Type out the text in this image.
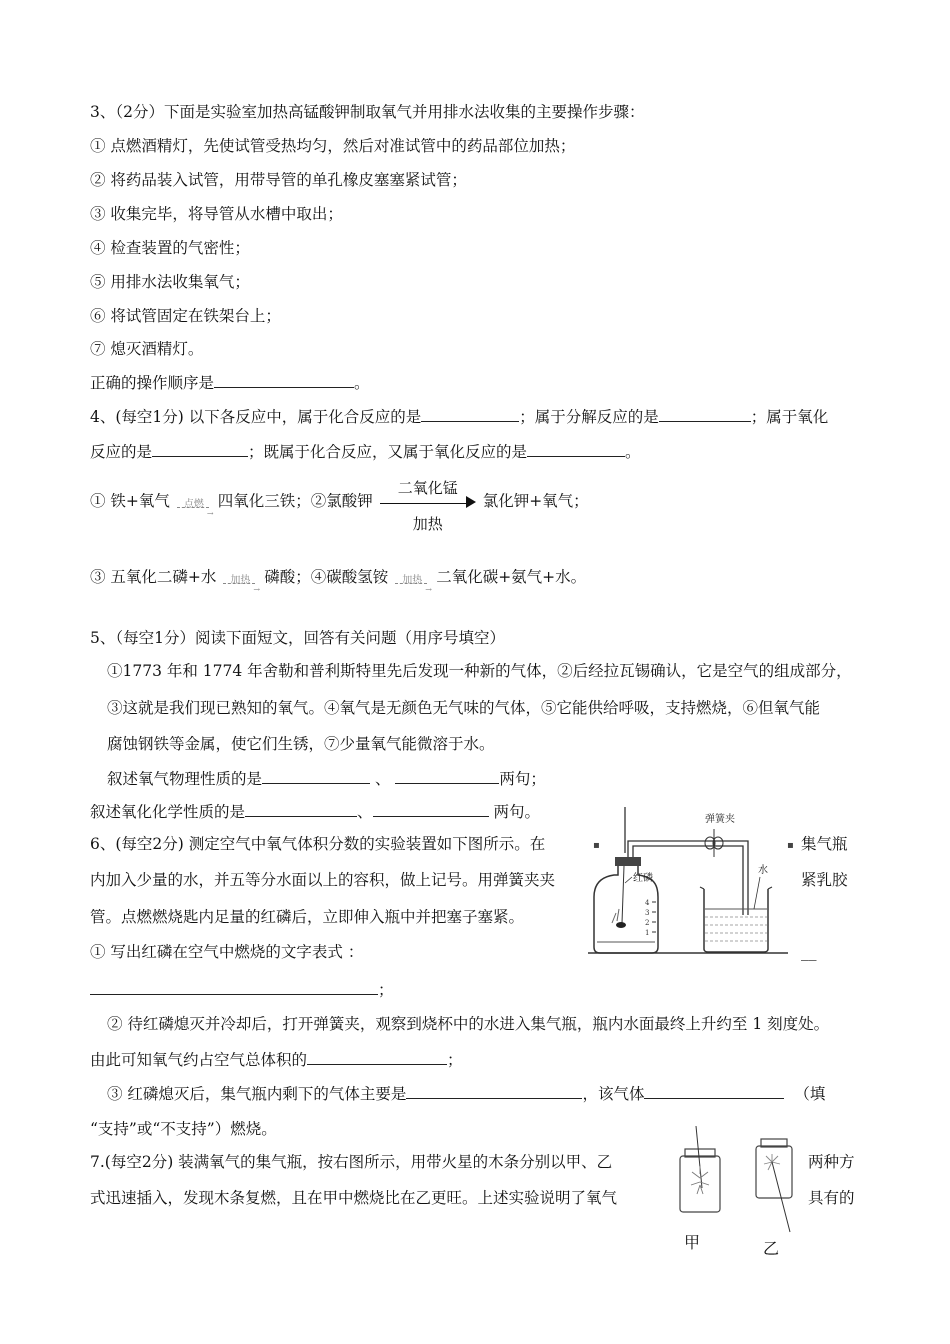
3、（2分）下面是实验室加热高锰酸钾制取氧气并用排水法收集的主要操作步骤：
① 点燃酒精灯，先使试管受热均匀，然后对准试管中的药品部位加热；
② 将药品装入试管，用带导管的单孔橡皮塞塞紧试管；
③ 收集完毕，将导管从水槽中取出；
④ 检查装置的气密性；
⑤ 用排水法收集氧气；
⑥ 将试管固定在铁架台上；
⑦ 熄灭酒精灯。
正确的操作顺序是	。
4、(每空1分) 以下各反应中，属于化合反应的是	；属于分解反应的是	；属于氧化
反应的是	；既属于化合反应，又属于氧化反应的是	。
① 铁+氧气	点燃
→
四氧化三铁；②氯酸钾
二氧化锰
加热
氯化钾+氧气；
③ 五氧化二磷+水	加热
→
磷酸；④碳酸氢铵	加热
→
二氧化碳+氨气+水。
5、（每空1分）阅读下面短文，回答有关问题（用序号填空）
①1773 年和 1774 年舍勒和普利斯特里先后发现一种新的气体，②后经拉瓦锡确认，它是空气的组成部分，
③这就是我们现已熟知的氧气。④氧气是无颜色无气味的气体，⑤它能供给呼吸，支持燃烧，⑥但氧气能
腐蚀钢铁等金属，使它们生锈，⑦少量氧气能微溶于水。
叙述氧气物理性质的是	、	两句；
叙述氧化化学性质的是	、	两句。
6、(每空2分) 测定空气中氧气体积分数的实验装置如下图所示。在	集气瓶
内加入少量的水，并五等分水面以上的容积，做上记号。用弹簧夹夹	紧乳胶
管。点燃燃烧匙内足量的红磷后，立即伸入瓶中并把塞子塞紧。
① 写出红磷在空气中燃烧的文字表式 ：	__
；
② 待红磷熄灭并冷却后，打开弹簧夹，观察到烧杯中的水进入集气瓶，瓶内水面最终上升约至 1 刻度处。
由此可知氧气约占空气总体积的	；
③ 红磷熄灭后，集气瓶内剩下的气体主要是	，该气体	（填
“支持”或“不支持”）燃烧。
弹簧夹
红磷
4
3
2
1
水
▪	▪
7.(每空2分) 装满氧气的集气瓶，按右图所示，用带火星的木条分别以甲、乙	两种方
式迅速插入，发现木条复燃，且在甲中燃烧比在乙更旺。上述实验说明了氧气	具有的
甲	乙
